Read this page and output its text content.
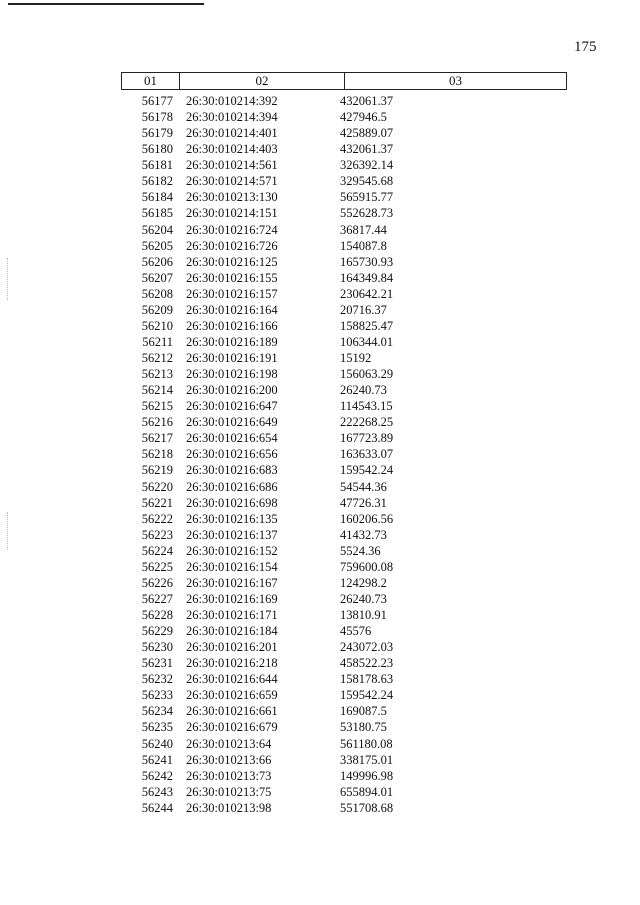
175
01	02	03
56177 26:30:010214:392	432061.37
56178 26:30:010214:394	427946.5
56179 26:30:010214:401	425889.07
56180 26:30:010214:403	432061.37
56181 26:30:010214:561	326392.14
56182 26:30:010214:571	329545.68
56184 26:30:010213:130	565915.77
56185 26:30:010214:151	552628.73
56204 26:30:010216:724	36817.44
56205 26:30:010216:726	154087.8
56206 26:30:010216:125	165730.93
56207 26:30:010216:155	164349.84
56208 26:30:010216:157	230642.21
56209 26:30:010216:164	20716.37
56210 26:30:010216:166	158825.47
56211 26:30:010216:189	106344.01
56212 26:30:010216:191	15192
56213 26:30:010216:198	156063.29
56214 26:30:010216:200	26240.73
56215 26:30:010216:647	114543.15
56216 26:30:010216:649	222268.25
56217 26:30:010216:654	167723.89
56218 26:30:010216:656	163633.07
56219 26:30:010216:683	159542.24
56220 26:30:010216:686	54544.36
56221 26:30:010216:698	47726.31
56222 26:30:010216:135	160206.56
56223 26:30:010216:137	41432.73
56224 26:30:010216:152	5524.36
56225 26:30:010216:154	759600.08
56226 26:30:010216:167	124298.2
56227 26:30:010216:169	26240.73
56228 26:30:010216:171	13810.91
56229 26:30:010216:184	45576
56230 26:30:010216:201	243072.03
56231 26:30:010216:218	458522.23
56232 26:30:010216:644	158178.63
56233 26:30:010216:659	159542.24
56234 26:30:010216:661	169087.5
56235 26:30:010216:679	53180.75
56240 26:30:010213:64	561180.08
56241 26:30:010213:66	338175.01
56242 26:30:010213:73	149996.98
56243 26:30:010213:75	655894.01
56244 26:30:010213:98	551708.68
